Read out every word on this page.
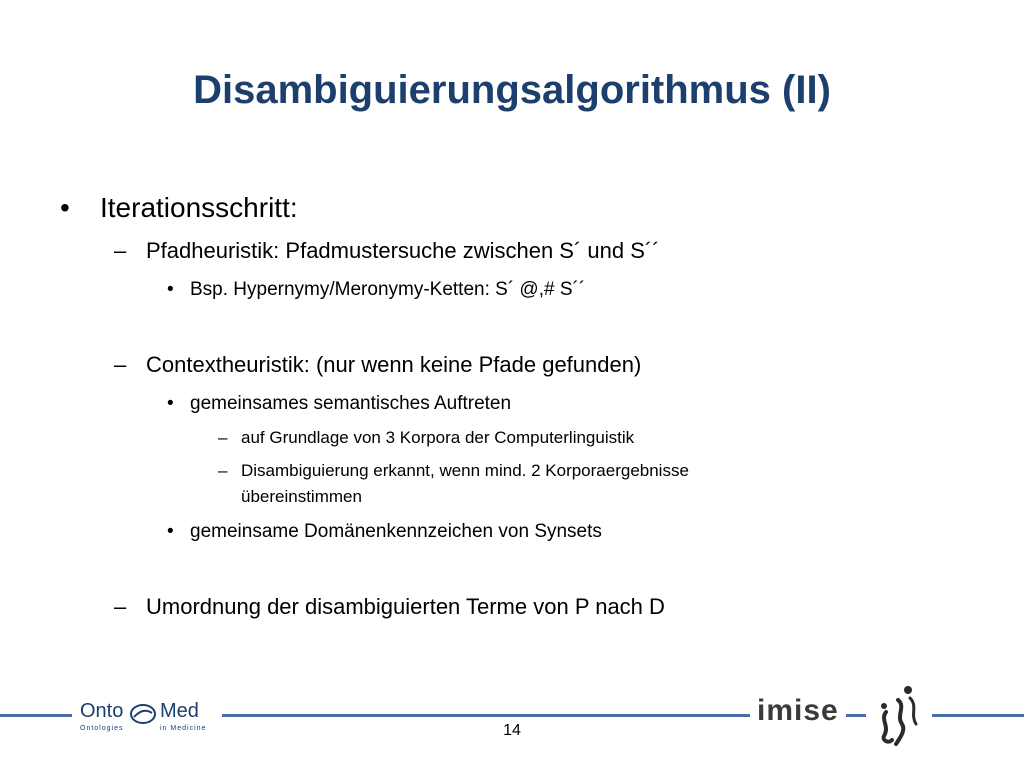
Disambiguierungsalgorithmus (II)
• Iterationsschritt:
– Pfadheuristik: Pfadmustersuche zwischen S´ und S´´
• Bsp. Hypernymy/Meronymy-Ketten: S´ @,# S´´
– Contextheuristik: (nur wenn keine Pfade gefunden)
• gemeinsames semantisches Auftreten
– auf Grundlage von 3 Korpora der Computerlinguistik
– Disambiguierung erkannt, wenn mind. 2 Korporaergebnisse
übereinstimmen
• gemeinsame Domänenkennzeichen von Synsets
– Umordnung der disambiguierten Terme von P nach D
Onto Med
Ontologies	in Medicine
imise
14
